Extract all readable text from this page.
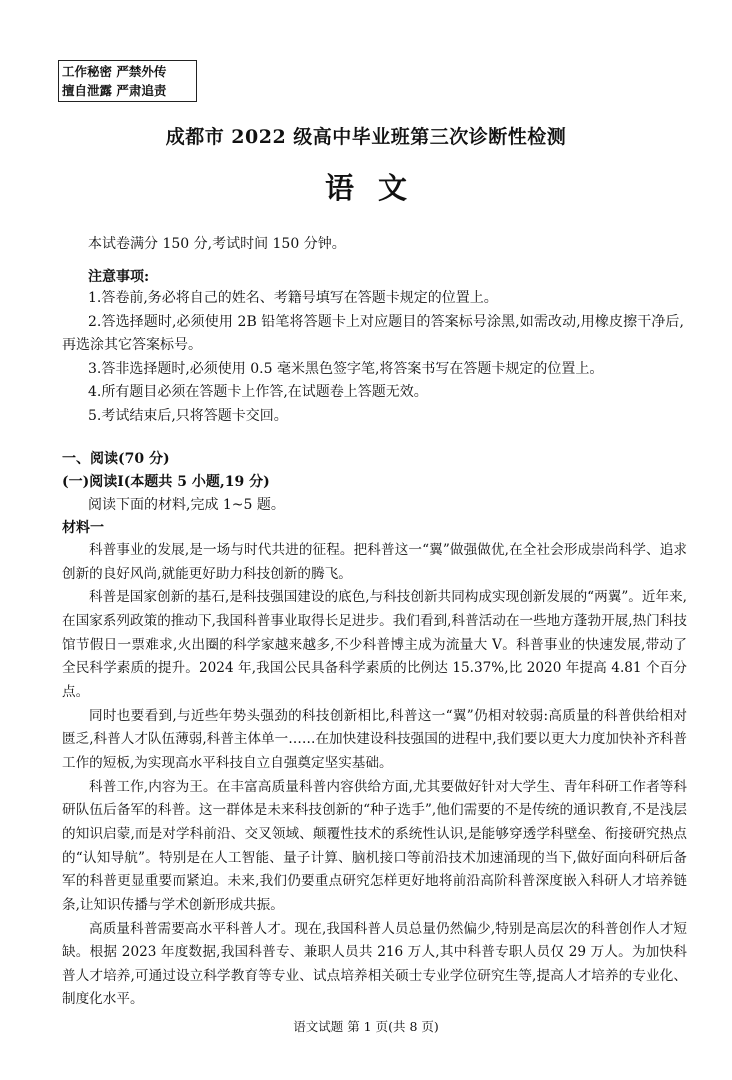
工作秘密 严禁外传
擅自泄露 严肃追责
成都市 2022 级高中毕业班第三次诊断性检测
语文
本试卷满分 150 分,考试时间 150 分钟。
注意事项:

1.答卷前,务必将自己的姓名、考籍号填写在答题卡规定的位置上。

2.答选择题时,必须使用 2B 铅笔将答题卡上对应题目的答案标号涂黑,如需改动,用橡皮擦干净后,再选涂其它答案标号。

3.答非选择题时,必须使用 0.5 毫米黑色签字笔,将答案书写在答题卡规定的位置上。

4.所有题目必须在答题卡上作答,在试题卷上答题无效。

5.考试结束后,只将答题卡交回。

一、阅读(70 分)
(一)阅读Ⅰ(本题共 5 小题,19 分)
阅读下面的材料,完成 1~5 题。
材料一

科普事业的发展,是一场与时代共进的征程。把科普这一“翼”做强做优,在全社会形成崇尚科学、追求创新的良好风尚,就能更好助力科技创新的腾飞。

科普是国家创新的基石,是科技强国建设的底色,与科技创新共同构成实现创新发展的“两翼”。近年来,在国家系列政策的推动下,我国科普事业取得长足进步。我们看到,科普活动在一些地方蓬勃开展,热门科技馆节假日一票难求,火出圈的科学家越来越多,不少科普博主成为流量大 V。科普事业的快速发展,带动了全民科学素质的提升。2024 年,我国公民具备科学素质的比例达 15.37%,比 2020 年提高 4.81 个百分点。

同时也要看到,与近些年势头强劲的科技创新相比,科普这一“翼”仍相对较弱:高质量的科普供给相对匮乏,科普人才队伍薄弱,科普主体单一……在加快建设科技强国的进程中,我们要以更大力度加快补齐科普工作的短板,为实现高水平科技自立自强奠定坚实基础。

科普工作,内容为王。在丰富高质量科普内容供给方面,尤其要做好针对大学生、青年科研工作者等科研队伍后备军的科普。这一群体是未来科技创新的“种子选手”,他们需要的不是传统的通识教育,不是浅层的知识启蒙,而是对学科前沿、交叉领域、颠覆性技术的系统性认识,是能够穿透学科壁垒、衔接研究热点的“认知导航”。特别是在人工智能、量子计算、脑机接口等前沿技术加速涌现的当下,做好面向科研后备军的科普更显重要而紧迫。未来,我们仍要重点研究怎样更好地将前沿高阶科普深度嵌入科研人才培养链条,让知识传播与学术创新形成共振。

高质量科普需要高水平科普人才。现在,我国科普人员总量仍然偏少,特别是高层次的科普创作人才短缺。根据 2023 年度数据,我国科普专、兼职人员共 216 万人,其中科普专职人员仅 29 万人。为加快科普人才培养,可通过设立科学教育等专业、试点培养相关硕士专业学位研究生等,提高人才培养的专业化、制度化水平。

语文试题 第 1 页(共 8 页)
